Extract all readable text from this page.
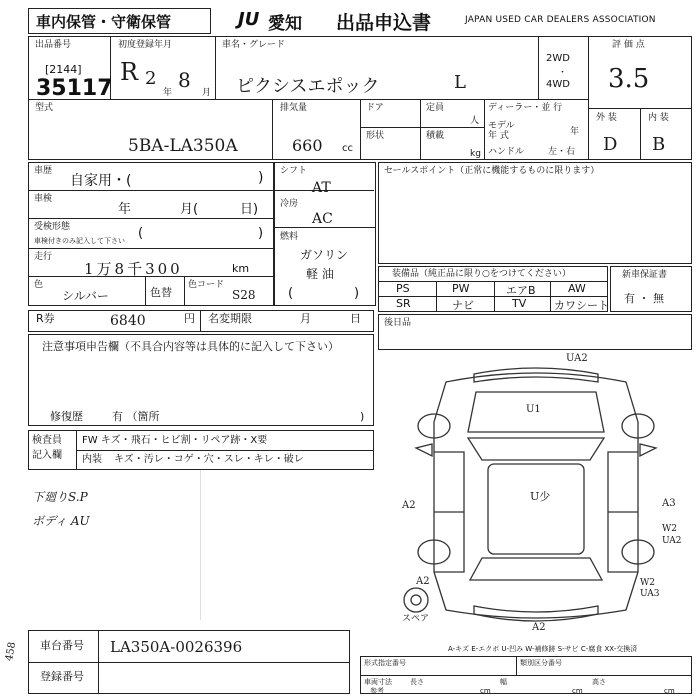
車内保管・守衛保管	JU 愛知 出品申込書	JAPAN USED CAR DEALERS ASSOCIATION
出品番号
[2144]
35117
初度登録年月
R 2
年
8
月
車名・グレード
ピクシスエポック	L
2WD
・
4WD
評 価 点
3.5
外 装	内 装
D B
型式
5BA-LA350A
排気量
660 cc
ドア	定員
人
形状	積載
kg
ディーラー・並 行
モデル
年 式	年
ハンドル	左・右
車歴
自家用・(	)
車検
年	月(	日)
受検形態
車検付きのみ記入して下さい (	)
走行
1万8千300	km
色
シルバー	色替
色コード
S28
シフト
AT
冷房
AC
燃料
ガソリン
軽 油
(	)
セールスポイント（正常に機能するものに限ります）
装備品（純正品に限り○をつけてください）
PS	PW	エアB	AW
SR	ナビ	TV	カワシート
新車保証書
有 ・ 無
R券	6840	円 名変期限	月	日	後日品
注意事項申告欄（不具合内容等は具体的に記入して下さい）
修復歴	有 （箇所	)
検査員
記入欄
FW キズ・飛石・ヒビ割・リペア跡・X要
内装 キズ・汚レ・コゲ・穴・スレ・キレ・破レ
下廻りS.P
ボディ AU
UA2
U1
U少
A2	A3
W2
UA2
W2
UA3
A2
A2
スペア
A-キズ E-エクボ U-凹み W-補修跡 S-サビ C-腐食 XX-交換済
車台番号 LA350A-0026396
登録番号
形式指定番号	類別区分番号
車両寸法
参考
長さ
cm
幅
cm
高さ
cm
458
